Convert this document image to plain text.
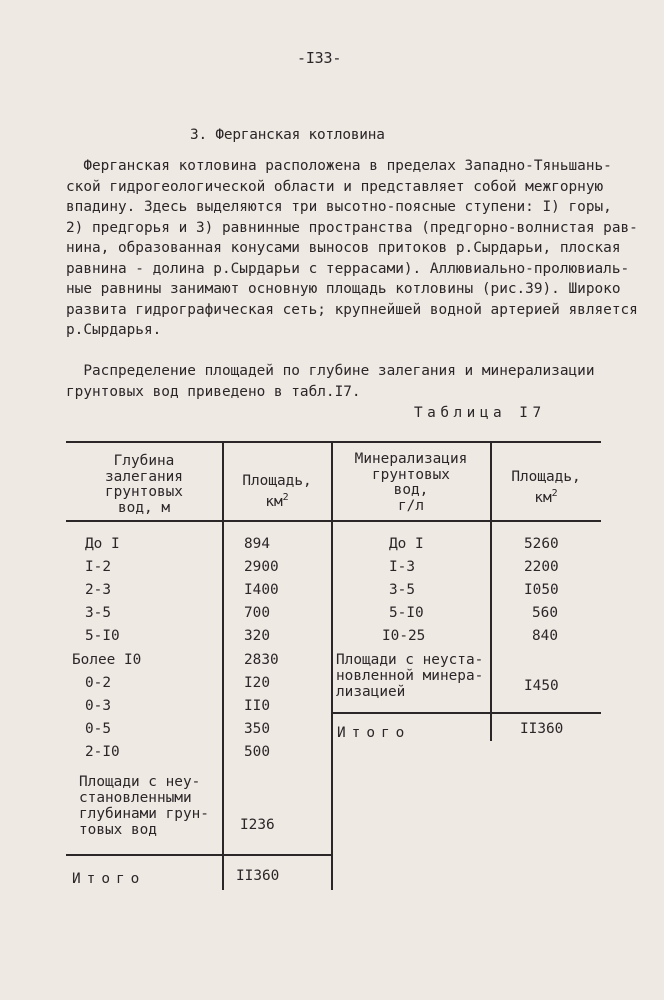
-I33-
3. Ферганская котловина
Ферганская котловина расположена в пределах Западно-Тяньшань-
ской гидрогеологической области и представляет собой межгорную
впадину. Здесь выделяются три высотно-поясные ступени: I) горы,
2) предгорья и 3) равнинные пространства (предгорно-волнистая рав-
нина, образованная конусами выносов притоков р.Сырдарьи, плоская
равнина - долина р.Сырдарьи с террасами). Аллювиально-пролювиаль-
ные равнины занимают основную площадь котловины (рис.39). Широко
развита гидрографическая сеть; крупнейшей водной артерией является
р.Сырдарья.
Распределение площадей по глубине залегания и минерализации
грунтовых вод приведено в табл.I7.
Таблица I7
Глубина
залегания
грунтовых
вод, м
Площадь,
$км^2$
Минерализация
грунтовых
вод,
г/л
Площадь,
$км^2$
До I	894
I-2	2900
2-3	I400
3-5	700
5-I0	320
Более I0	2830
0-2	I20
0-3	II0
0-5	350
2-I0	500
Площади с неу-
становленными
глубинами грун-
товых вод	I236
Итого	II360
До I	5260
I-3	2200
3-5	I050
5-I0	560
I0-25	840
Площади с неуста-
новленной минера-
лизацией	I450
Итого	II360
